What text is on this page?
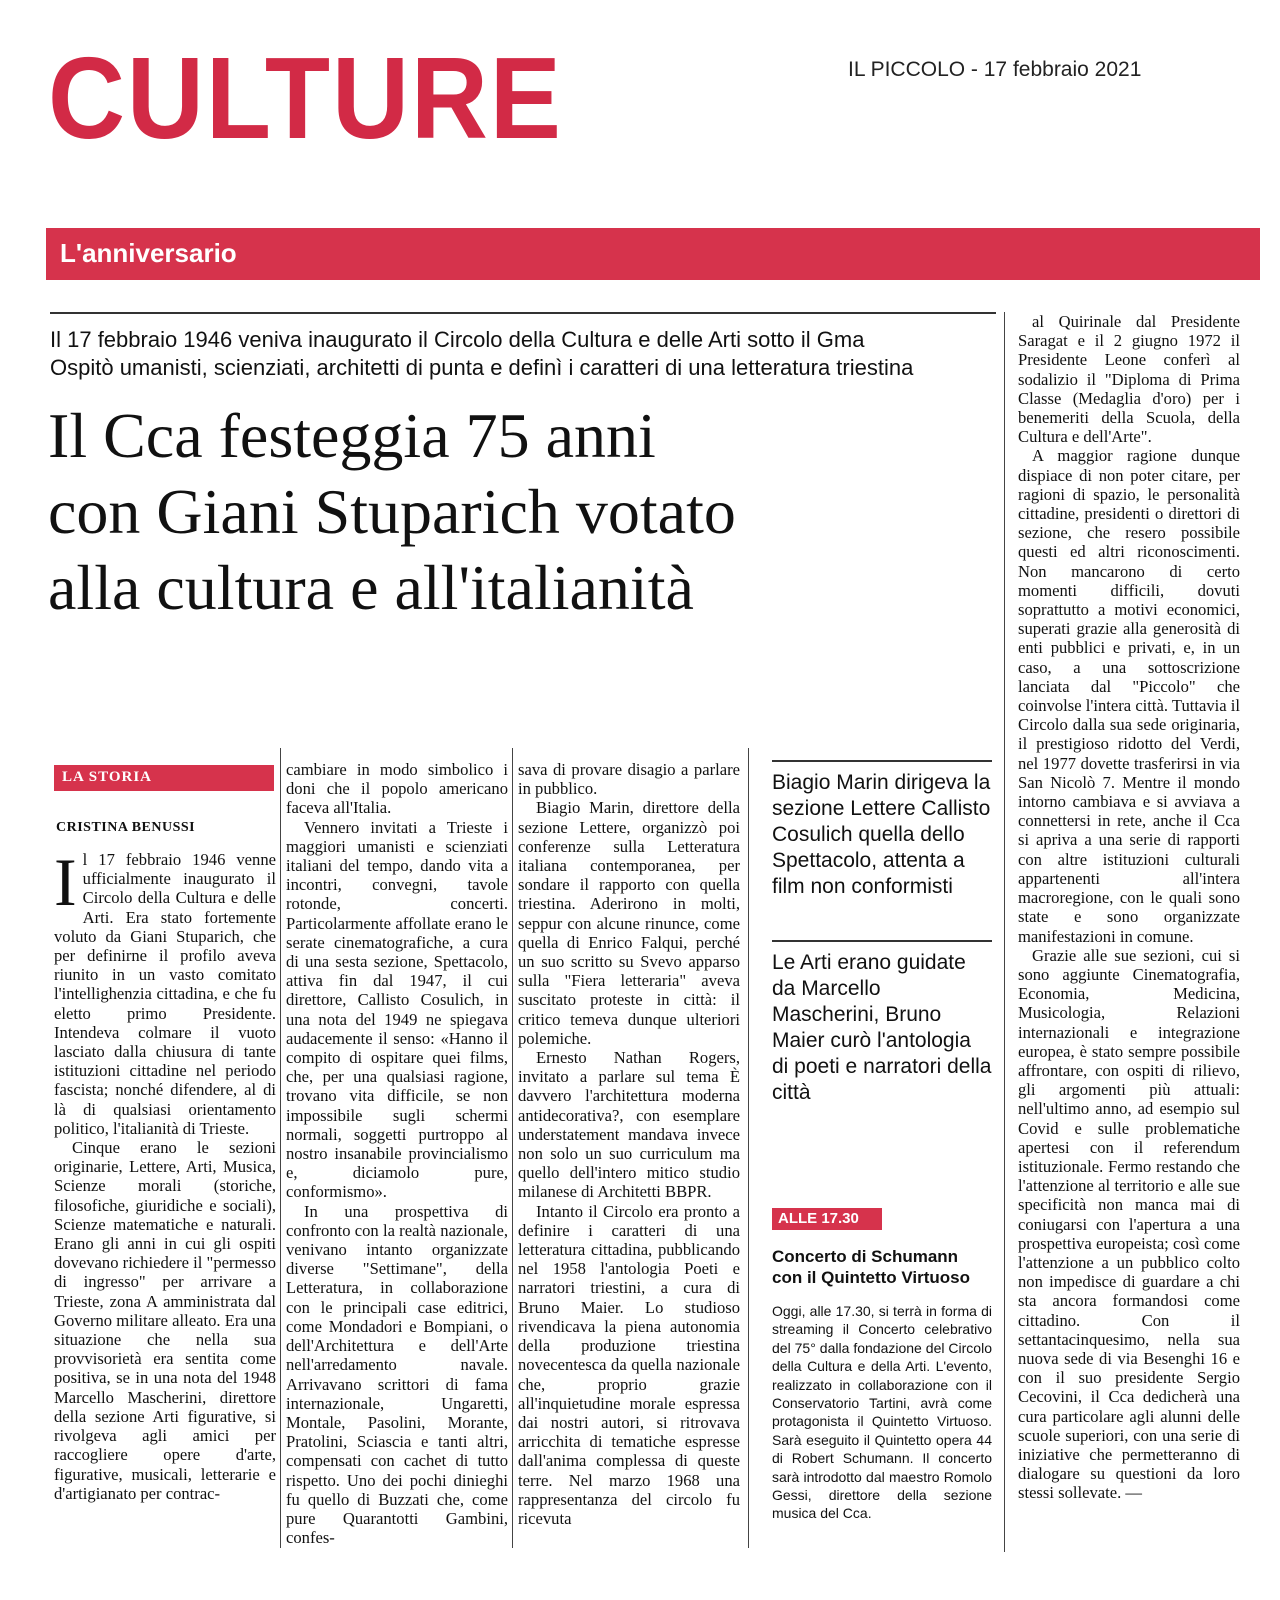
CULTURE	IL PICCOLO - 17 febbraio 2021
L'anniversario
Il 17 febbraio 1946 veniva inaugurato il Circolo della Cultura e delle Arti sotto il Gma
Ospitò umanisti, scienziati, architetti di punta e definì i caratteri di una letteratura triestina
Il Cca festeggia 75 anni
con Giani Stuparich votato
alla cultura e all'italianità
LA STORIA
CRISTINA BENUSSI

Il 17 febbraio 1946 venne ufficialmente inaugurato il Circolo della Cultura e delle Arti. Era stato fortemente voluto da Giani Stuparich, che per definirne il profilo aveva riunito in un vasto comitato l'intellighenzia cittadina, e che fu eletto primo Presidente. Intendeva colmare il vuoto lasciato dalla chiusura di tante istituzioni cittadine nel periodo fascista; nonché difendere, al di là di qualsiasi orientamento politico, l'italianità di Trieste.

Cinque erano le sezioni originarie, Lettere, Arti, Musica, Scienze morali (storiche, filosofiche, giuridiche e sociali), Scienze matematiche e naturali. Erano gli anni in cui gli ospiti dovevano richiedere il "permesso di ingresso" per arrivare a Trieste, zona A amministrata dal Governo militare alleato. Era una situazione che nella sua provvisorietà era sentita come positiva, se in una nota del 1948 Marcello Mascherini, direttore della sezione Arti figurative, si rivolgeva agli amici per raccogliere opere d'arte, figurative, musicali, letterarie e d'artigianato per contrac-

cambiare in modo simbolico i doni che il popolo americano faceva all'Italia.

Vennero invitati a Trieste i maggiori umanisti e scienziati italiani del tempo, dando vita a incontri, convegni, tavole rotonde, concerti. Particolarmente affollate erano le serate cinematografiche, a cura di una sesta sezione, Spettacolo, attiva fin dal 1947, il cui direttore, Callisto Cosulich, in una nota del 1949 ne spiegava audacemente il senso: «Hanno il compito di ospitare quei films, che, per una qualsiasi ragione, trovano vita difficile, se non impossibile sugli schermi normali, soggetti purtroppo al nostro insanabile provincialismo e, diciamolo pure, conformismo».

In una prospettiva di confronto con la realtà nazionale, venivano intanto organizzate diverse "Settimane", della Letteratura, in collaborazione con le principali case editrici, come Mondadori e Bompiani, o dell'Architettura e dell'Arte nell'arredamento navale. Arrivavano scrittori di fama internazionale, Ungaretti, Montale, Pasolini, Morante, Pratolini, Sciascia e tanti altri, compensati con cachet di tutto rispetto. Uno dei pochi dinieghi fu quello di Buzzati che, come pure Quarantotti Gambini, confes-

sava di provare disagio a parlare in pubblico.

Biagio Marin, direttore della sezione Lettere, organizzò poi conferenze sulla Letteratura italiana contemporanea, per sondare il rapporto con quella triestina. Aderirono in molti, seppur con alcune rinunce, come quella di Enrico Falqui, perché un suo scritto su Svevo apparso sulla "Fiera letteraria" aveva suscitato proteste in città: il critico temeva dunque ulteriori polemiche.

Ernesto Nathan Rogers, invitato a parlare sul tema È davvero l'architettura moderna antidecorativa?, con esemplare understatement mandava invece non solo un suo curriculum ma quello dell'intero mitico studio milanese di Architetti BBPR.

Intanto il Circolo era pronto a definire i caratteri di una letteratura cittadina, pubblicando nel 1958 l'antologia Poeti e narratori triestini, a cura di Bruno Maier. Lo studioso rivendicava la piena autonomia della produzione triestina novecentesca da quella nazionale che, proprio grazie all'inquietudine morale espressa dai nostri autori, si ritrovava arricchita di tematiche espresse dall'anima complessa di queste terre. Nel marzo 1968 una rappresentanza del circolo fu ricevuta

Biagio Marin dirigeva la sezione Lettere Callisto Cosulich quella dello Spettacolo, attenta a film non conformisti
Le Arti erano guidate da Marcello Mascherini, Bruno Maier curò l'antologia di poeti e narratori della città
ALLE 17.30
Concerto di Schumann con il Quintetto Virtuoso
Oggi, alle 17.30, si terrà in forma di streaming il Concerto celebrativo del 75° dalla fondazione del Circolo della Cultura e della Arti. L'evento, realizzato in collaborazione con il Conservatorio Tartini, avrà come protagonista il Quintetto Virtuoso. Sarà eseguito il Quintetto opera 44 di Robert Schumann. Il concerto sarà introdotto dal maestro Romolo Gessi, direttore della sezione musica del Cca.

al Quirinale dal Presidente Saragat e il 2 giugno 1972 il Presidente Leone conferì al sodalizio il "Diploma di Prima Classe (Medaglia d'oro) per i benemeriti della Scuola, della Cultura e dell'Arte".

A maggior ragione dunque dispiace di non poter citare, per ragioni di spazio, le personalità cittadine, presidenti o direttori di sezione, che resero possibile questi ed altri riconoscimenti. Non mancarono di certo momenti difficili, dovuti soprattutto a motivi economici, superati grazie alla generosità di enti pubblici e privati, e, in un caso, a una sottoscrizione lanciata dal "Piccolo" che coinvolse l'intera città. Tuttavia il Circolo dalla sua sede originaria, il prestigioso ridotto del Verdi, nel 1977 dovette trasferirsi in via San Nicolò 7. Mentre il mondo intorno cambiava e si avviava a connettersi in rete, anche il Cca si apriva a una serie di rapporti con altre istituzioni culturali appartenenti all'intera macroregione, con le quali sono state e sono organizzate manifestazioni in comune.

Grazie alle sue sezioni, cui si sono aggiunte Cinematografia, Economia, Medicina, Musicologia, Relazioni internazionali e integrazione europea, è stato sempre possibile affrontare, con ospiti di rilievo, gli argomenti più attuali: nell'ultimo anno, ad esempio sul Covid e sulle problematiche apertesi con il referendum istituzionale. Fermo restando che l'attenzione al territorio e alle sue specificità non manca mai di coniugarsi con l'apertura a una prospettiva europeista; così come l'attenzione a un pubblico colto non impedisce di guardare a chi sta ancora formandosi come cittadino. Con il settantacinquesimo, nella sua nuova sede di via Besenghi 16 e con il suo presidente Sergio Cecovini, il Cca dedicherà una cura particolare agli alunni delle scuole superiori, con una serie di iniziative che permetteranno di dialogare su questioni da loro stessi sollevate. —
